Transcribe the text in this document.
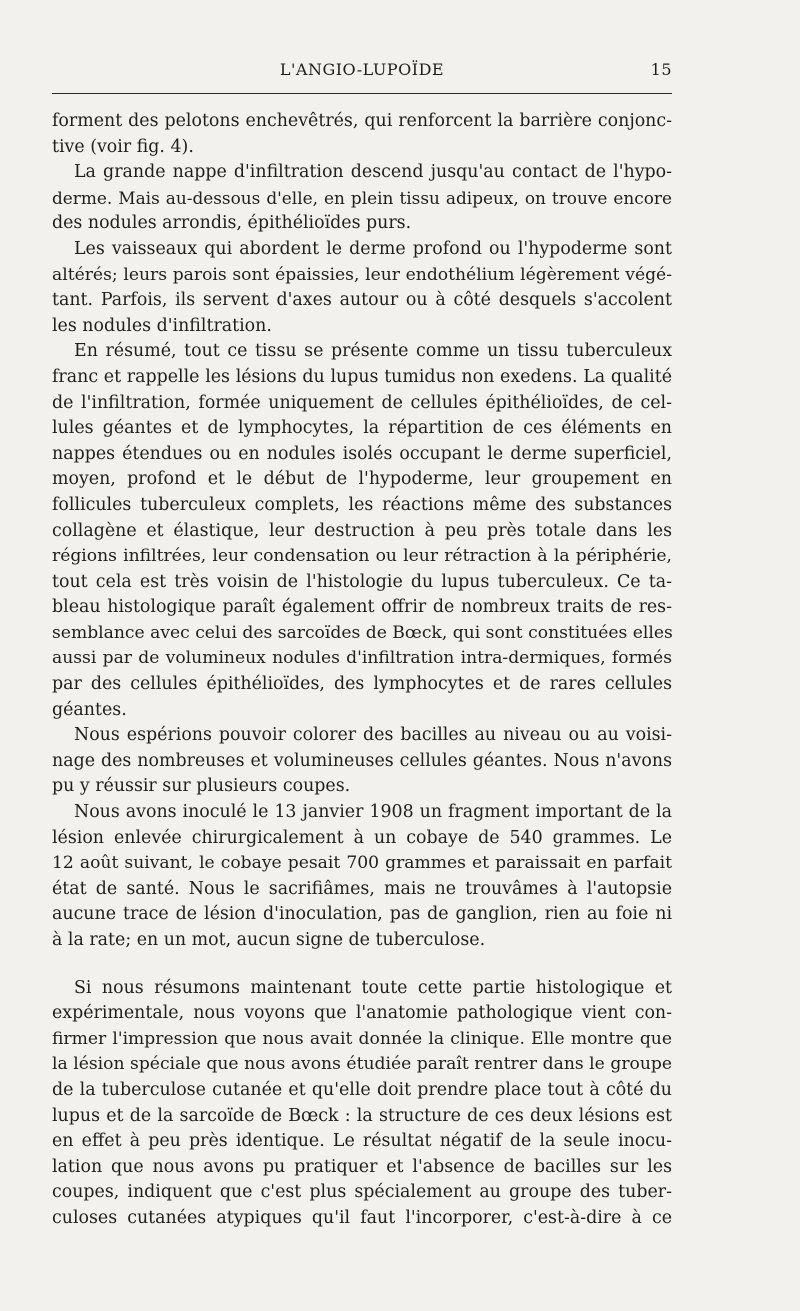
L'ANGIO-LUPOÏDE	15
forment des pelotons enchevêtrés, qui renforcent la barrière conjonc-
tive (voir fig. 4).
La grande nappe d'infiltration descend jusqu'au contact de l'hypo-
derme. Mais au-dessous d'elle, en plein tissu adipeux, on trouve encore
des nodules arrondis, épithélioïdes purs.
Les vaisseaux qui abordent le derme profond ou l'hypoderme sont
altérés; leurs parois sont épaissies, leur endothélium légèrement végé-
tant. Parfois, ils servent d'axes autour ou à côté desquels s'accolent
les nodules d'infiltration.
En résumé, tout ce tissu se présente comme un tissu tuberculeux
franc et rappelle les lésions du lupus tumidus non exedens. La qualité
de l'infiltration, formée uniquement de cellules épithélioïdes, de cel-
lules géantes et de lymphocytes, la répartition de ces éléments en
nappes étendues ou en nodules isolés occupant le derme superficiel,
moyen, profond et le début de l'hypoderme, leur groupement en
follicules tuberculeux complets, les réactions même des substances
collagène et élastique, leur destruction à peu près totale dans les
régions infiltrées, leur condensation ou leur rétraction à la périphérie,
tout cela est très voisin de l'histologie du lupus tuberculeux. Ce ta-
bleau histologique paraît également offrir de nombreux traits de res-
semblance avec celui des sarcoïdes de Bœck, qui sont constituées elles
aussi par de volumineux nodules d'infiltration intra-dermiques, formés
par des cellules épithélioïdes, des lymphocytes et de rares cellules
géantes.
Nous espérions pouvoir colorer des bacilles au niveau ou au voisi-
nage des nombreuses et volumineuses cellules géantes. Nous n'avons
pu y réussir sur plusieurs coupes.
Nous avons inoculé le 13 janvier 1908 un fragment important de la
lésion enlevée chirurgicalement à un cobaye de 540 grammes. Le
12 août suivant, le cobaye pesait 700 grammes et paraissait en parfait
état de santé. Nous le sacrifiâmes, mais ne trouvâmes à l'autopsie
aucune trace de lésion d'inoculation, pas de ganglion, rien au foie ni
à la rate; en un mot, aucun signe de tuberculose.
Si nous résumons maintenant toute cette partie histologique et
expérimentale, nous voyons que l'anatomie pathologique vient con-
firmer l'impression que nous avait donnée la clinique. Elle montre que
la lésion spéciale que nous avons étudiée paraît rentrer dans le groupe
de la tuberculose cutanée et qu'elle doit prendre place tout à côté du
lupus et de la sarcoïde de Bœck : la structure de ces deux lésions est
en effet à peu près identique. Le résultat négatif de la seule inocu-
lation que nous avons pu pratiquer et l'absence de bacilles sur les
coupes, indiquent que c'est plus spécialement au groupe des tuber-
culoses cutanées atypiques qu'il faut l'incorporer, c'est-à-dire à ce
